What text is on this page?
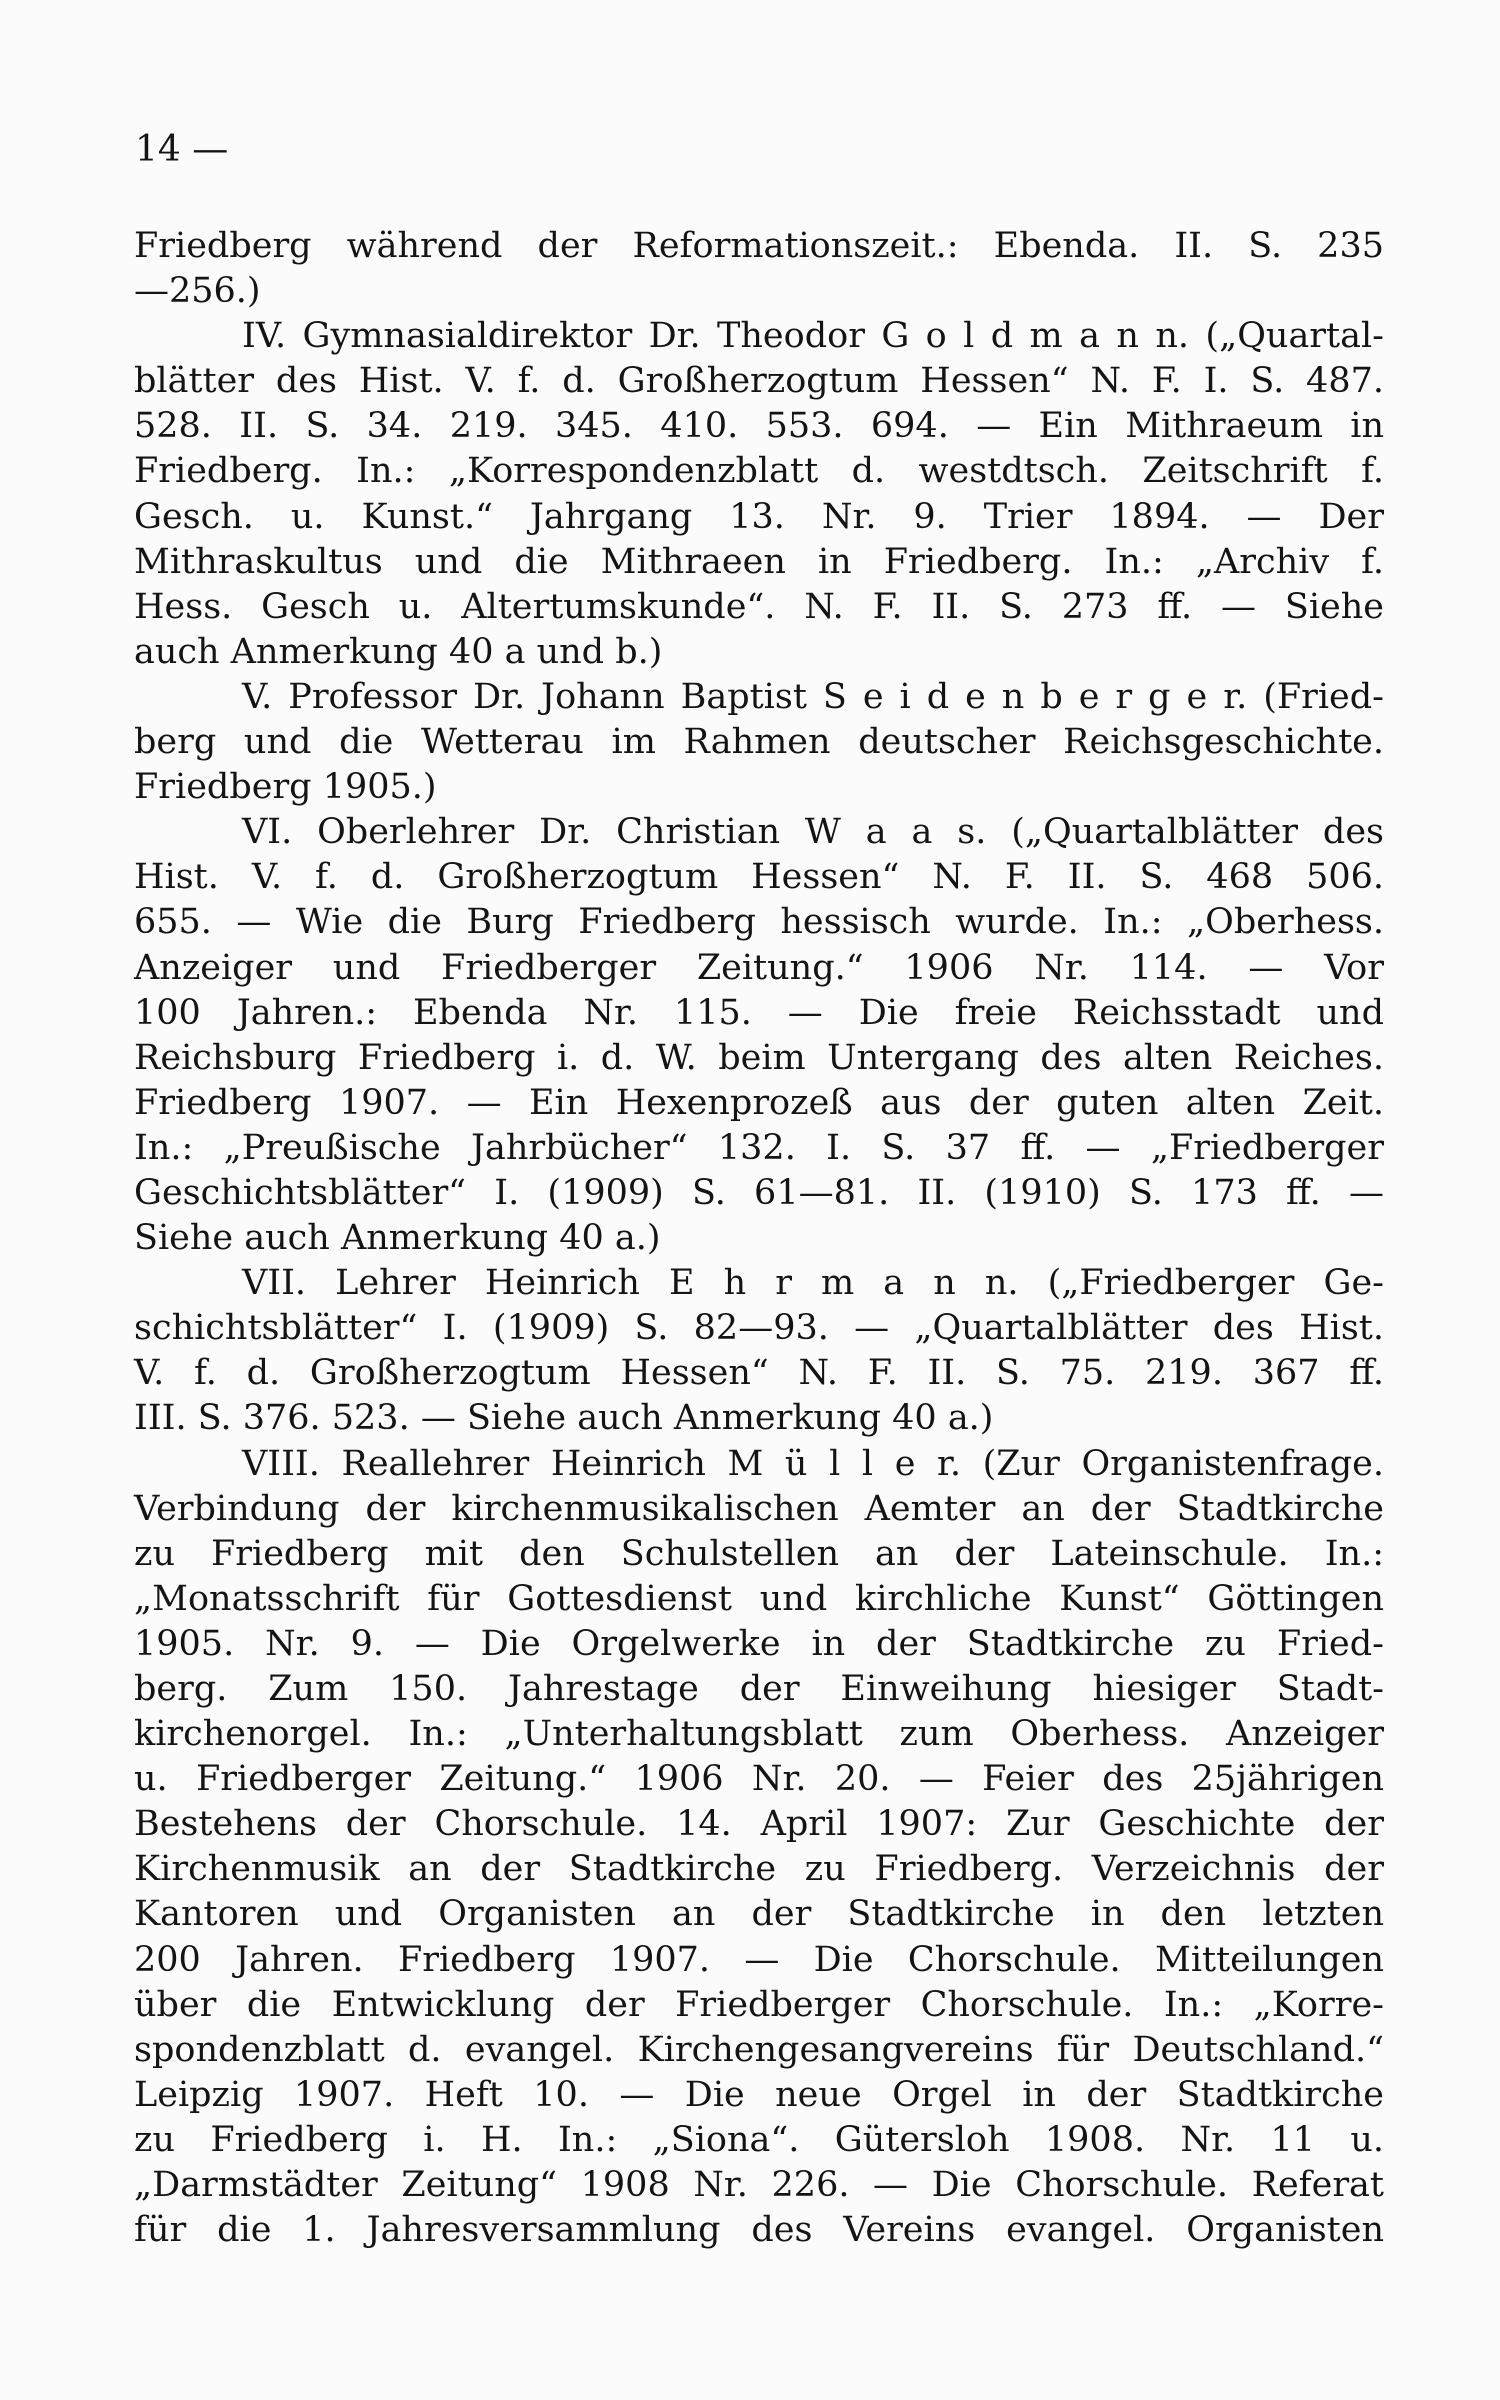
14 —
Friedberg während der Reformationszeit.: Ebenda. II. S. 235
—256.)
IV. Gymnasialdirektor Dr. Theodor G o l d m a n n. („Quartal-
blätter des Hist. V. f. d. Großherzogtum Hessen“ N. F. I. S. 487.
528. II. S. 34. 219. 345. 410. 553. 694. — Ein Mithraeum in
Friedberg. In.: „Korrespondenzblatt d. westdtsch. Zeitschrift f.
Gesch. u. Kunst.“ Jahrgang 13. Nr. 9. Trier 1894. — Der
Mithraskultus und die Mithraeen in Friedberg. In.: „Archiv f.
Hess. Gesch u. Altertumskunde“. N. F. II. S. 273 ff. — Siehe
auch Anmerkung 40 a und b.)
V. Professor Dr. Johann Baptist S e i d e n b e r g e r. (Fried-
berg und die Wetterau im Rahmen deutscher Reichsgeschichte.
Friedberg 1905.)
VI. Oberlehrer Dr. Christian W a a s. („Quartalblätter des
Hist. V. f. d. Großherzogtum Hessen“ N. F. II. S. 468 506.
655. — Wie die Burg Friedberg hessisch wurde. In.: „Oberhess.
Anzeiger und Friedberger Zeitung.“ 1906 Nr. 114. — Vor
100 Jahren.: Ebenda Nr. 115. — Die freie Reichsstadt und
Reichsburg Friedberg i. d. W. beim Untergang des alten Reiches.
Friedberg 1907. — Ein Hexenprozeß aus der guten alten Zeit.
In.: „Preußische Jahrbücher“ 132. I. S. 37 ff. — „Friedberger
Geschichtsblätter“ I. (1909) S. 61—81. II. (1910) S. 173 ff. —
Siehe auch Anmerkung 40 a.)
VII. Lehrer Heinrich E h r m a n n. („Friedberger Ge-
schichtsblätter“ I. (1909) S. 82—93. — „Quartalblätter des Hist.
V. f. d. Großherzogtum Hessen“ N. F. II. S. 75. 219. 367 ff.
III. S. 376. 523. — Siehe auch Anmerkung 40 a.)
VIII. Reallehrer Heinrich M ü l l e r. (Zur Organistenfrage.
Verbindung der kirchenmusikalischen Aemter an der Stadtkirche
zu Friedberg mit den Schulstellen an der Lateinschule. In.:
„Monatsschrift für Gottesdienst und kirchliche Kunst“ Göttingen
1905. Nr. 9. — Die Orgelwerke in der Stadtkirche zu Fried-
berg. Zum 150. Jahrestage der Einweihung hiesiger Stadt-
kirchenorgel. In.: „Unterhaltungsblatt zum Oberhess. Anzeiger
u. Friedberger Zeitung.“ 1906 Nr. 20. — Feier des 25jährigen
Bestehens der Chorschule. 14. April 1907: Zur Geschichte der
Kirchenmusik an der Stadtkirche zu Friedberg. Verzeichnis der
Kantoren und Organisten an der Stadtkirche in den letzten
200 Jahren. Friedberg 1907. — Die Chorschule. Mitteilungen
über die Entwicklung der Friedberger Chorschule. In.: „Korre-
spondenzblatt d. evangel. Kirchengesangvereins für Deutschland.“
Leipzig 1907. Heft 10. — Die neue Orgel in der Stadtkirche
zu Friedberg i. H. In.: „Siona“. Gütersloh 1908. Nr. 11 u.
„Darmstädter Zeitung“ 1908 Nr. 226. — Die Chorschule. Referat
für die 1. Jahresversammlung des Vereins evangel. Organisten
